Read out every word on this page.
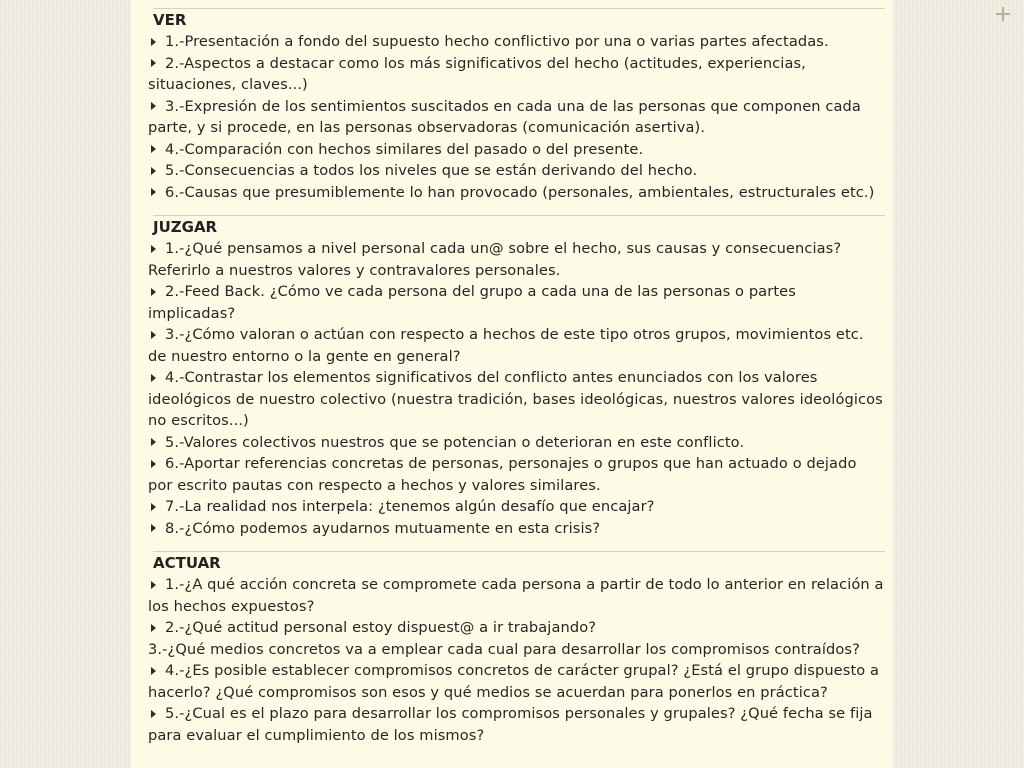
VER
1.-Presentación a fondo del supuesto hecho conflictivo por una o varias partes afectadas.
2.-Aspectos a destacar como los más significativos del hecho (actitudes, experiencias, situaciones, claves...)
3.-Expresión de los sentimientos suscitados en cada una de las personas que componen cada parte, y si procede, en las personas observadoras (comunicación asertiva).
4.-Comparación con hechos similares del pasado o del presente.
5.-Consecuencias a todos los niveles que se están derivando del hecho.
6.-Causas que presumiblemente lo han provocado (personales, ambientales, estructurales etc.)
JUZGAR
1.-¿Qué pensamos a nivel personal cada un@ sobre el hecho, sus causas y consecuencias? Referirlo a nuestros valores y contravalores personales.
2.-Feed Back. ¿Cómo ve cada persona del grupo a cada una de las personas o partes implicadas?
3.-¿Cómo valoran o actúan con respecto a hechos de este tipo otros grupos, movimientos etc. de nuestro entorno o la gente en general?
4.-Contrastar los elementos significativos del conflicto antes enunciados con los valores ideológicos de nuestro colectivo (nuestra tradición, bases ideológicas, nuestros valores ideológicos no escritos...)
5.-Valores colectivos nuestros que se potencian o deterioran en este conflicto.
6.-Aportar referencias concretas de personas, personajes o grupos que han actuado o dejado por escrito pautas con respecto a hechos y valores similares.
7.-La realidad nos interpela: ¿tenemos algún desafío que encajar?
8.-¿Cómo podemos ayudarnos mutuamente en esta crisis?
ACTUAR
1.-¿A qué acción concreta se compromete cada persona a partir de todo lo anterior en relación a los hechos expuestos?
2.-¿Qué actitud personal estoy dispuest@ a ir trabajando?
3.-¿Qué medios concretos va a emplear cada cual para desarrollar los compromisos contraídos?
4.-¿Es posible establecer compromisos concretos de carácter grupal? ¿Está el grupo dispuesto a hacerlo? ¿Qué compromisos son esos y qué medios se acuerdan para ponerlos en práctica?
5.-¿Cual es el plazo para desarrollar los compromisos personales y grupales? ¿Qué fecha se fija para evaluar el cumplimiento de los mismos?
